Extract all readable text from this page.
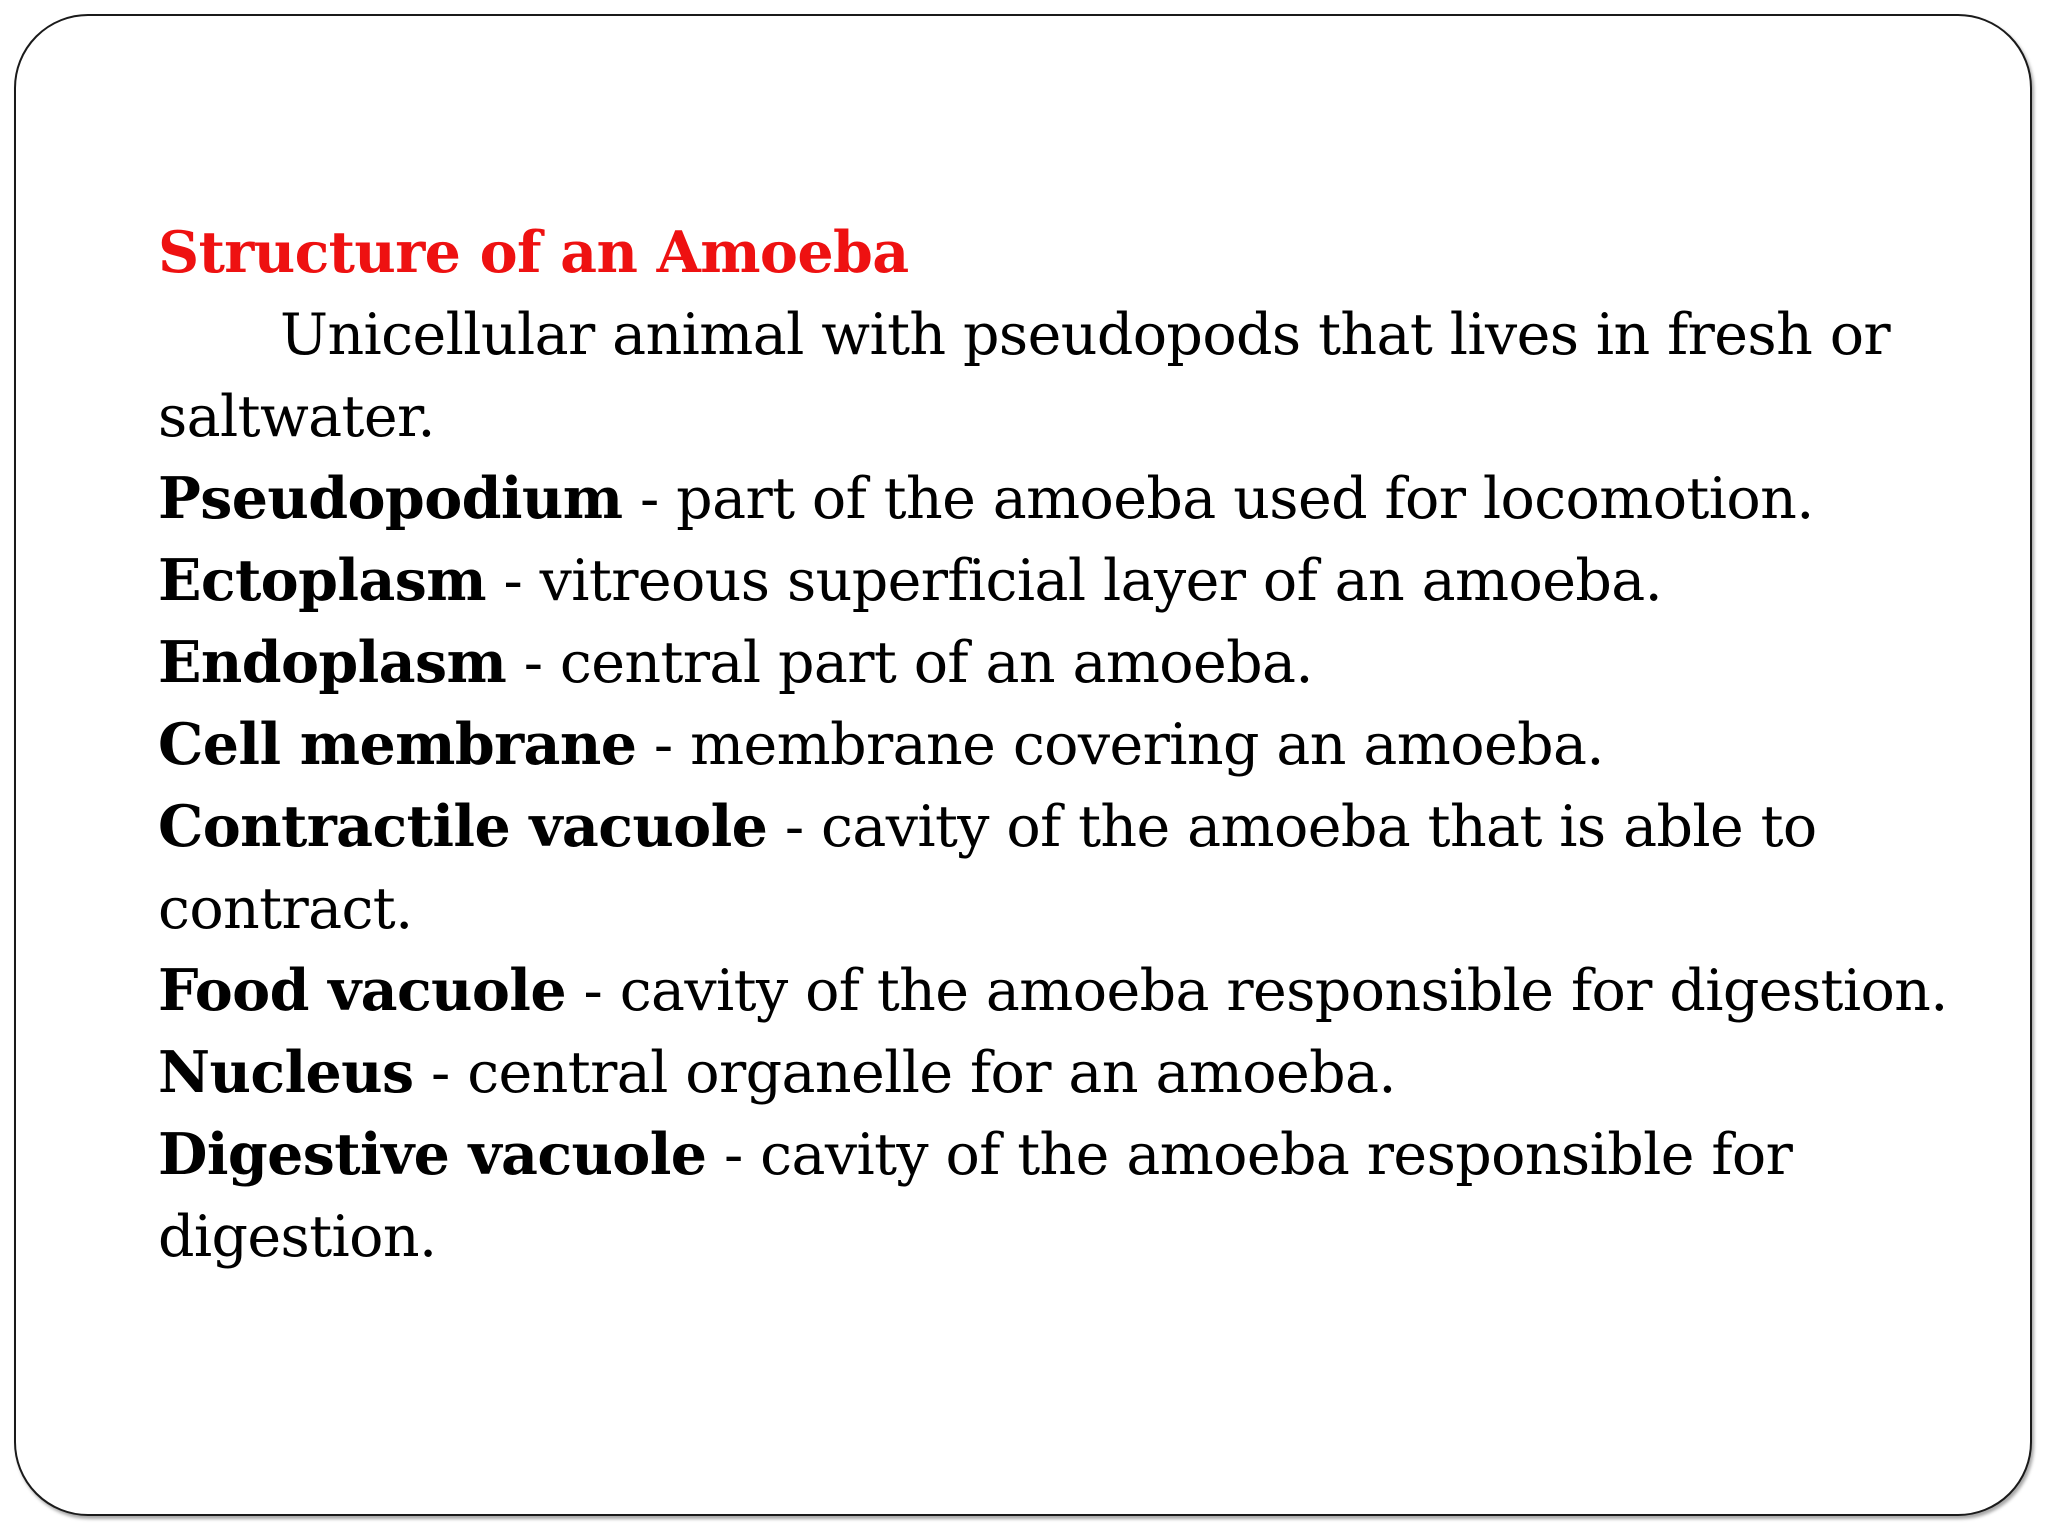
Structure of an Amoeba

Unicellular animal with pseudopods that lives in fresh or saltwater.

Pseudopodium - part of the amoeba used for locomotion.

Ectoplasm - vitreous superficial layer of an amoeba.

Endoplasm - central part of an amoeba.

Cell membrane - membrane covering an amoeba.

Contractile vacuole - cavity of the amoeba that is able to contract.

Food vacuole - cavity of the amoeba responsible for digestion.

Nucleus - central organelle for an amoeba.

Digestive vacuole - cavity of the amoeba responsible for digestion.
